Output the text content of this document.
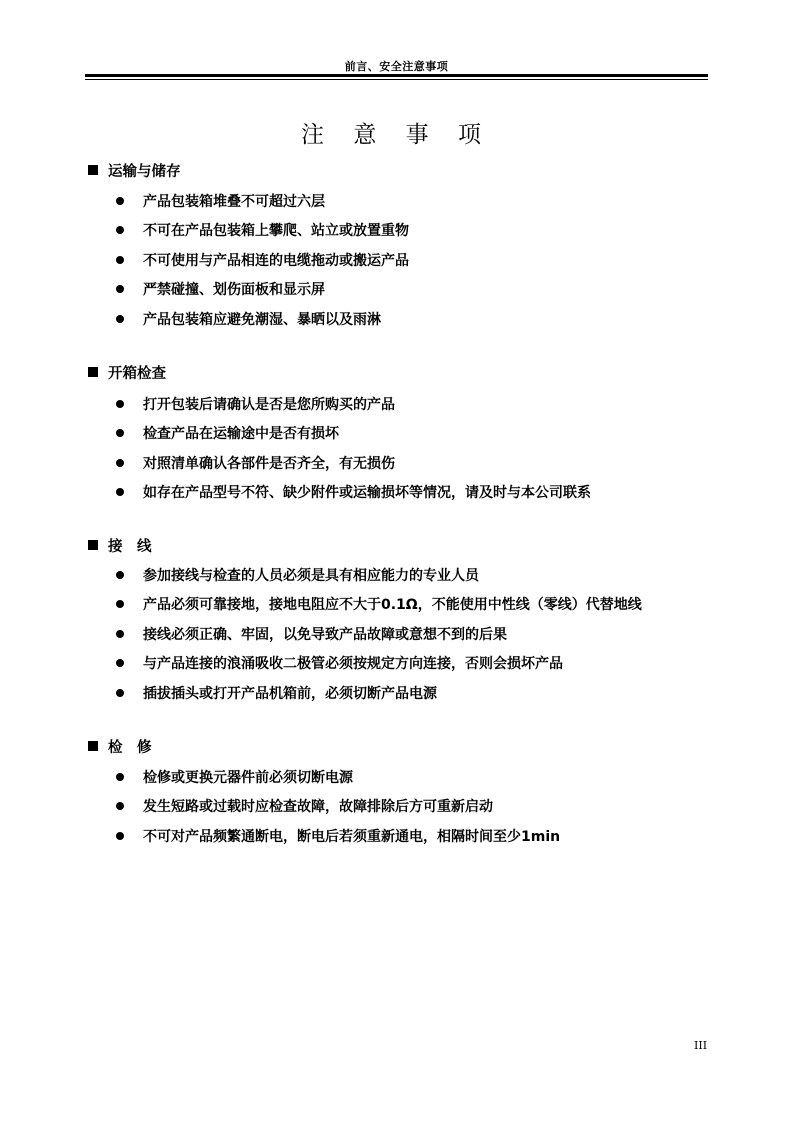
前言、安全注意事项
注 意 事 项
运输与储存
产品包装箱堆叠不可超过六层
不可在产品包装箱上攀爬、站立或放置重物
不可使用与产品相连的电缆拖动或搬运产品
严禁碰撞、划伤面板和显示屏
产品包装箱应避免潮湿、暴晒以及雨淋
开箱检查
打开包装后请确认是否是您所购买的产品
检查产品在运输途中是否有损坏
对照清单确认各部件是否齐全，有无损伤
如存在产品型号不符、缺少附件或运输损坏等情况，请及时与本公司联系
接　线
参加接线与检查的人员必须是具有相应能力的专业人员
产品必须可靠接地，接地电阻应不大于0.1Ω，不能使用中性线（零线）代替地线
接线必须正确、牢固，以免导致产品故障或意想不到的后果
与产品连接的浪涌吸收二极管必须按规定方向连接，否则会损坏产品
插拔插头或打开产品机箱前，必须切断产品电源
检　修
检修或更换元器件前必须切断电源
发生短路或过载时应检查故障，故障排除后方可重新启动
不可对产品频繁通断电，断电后若须重新通电，相隔时间至少1min
III
